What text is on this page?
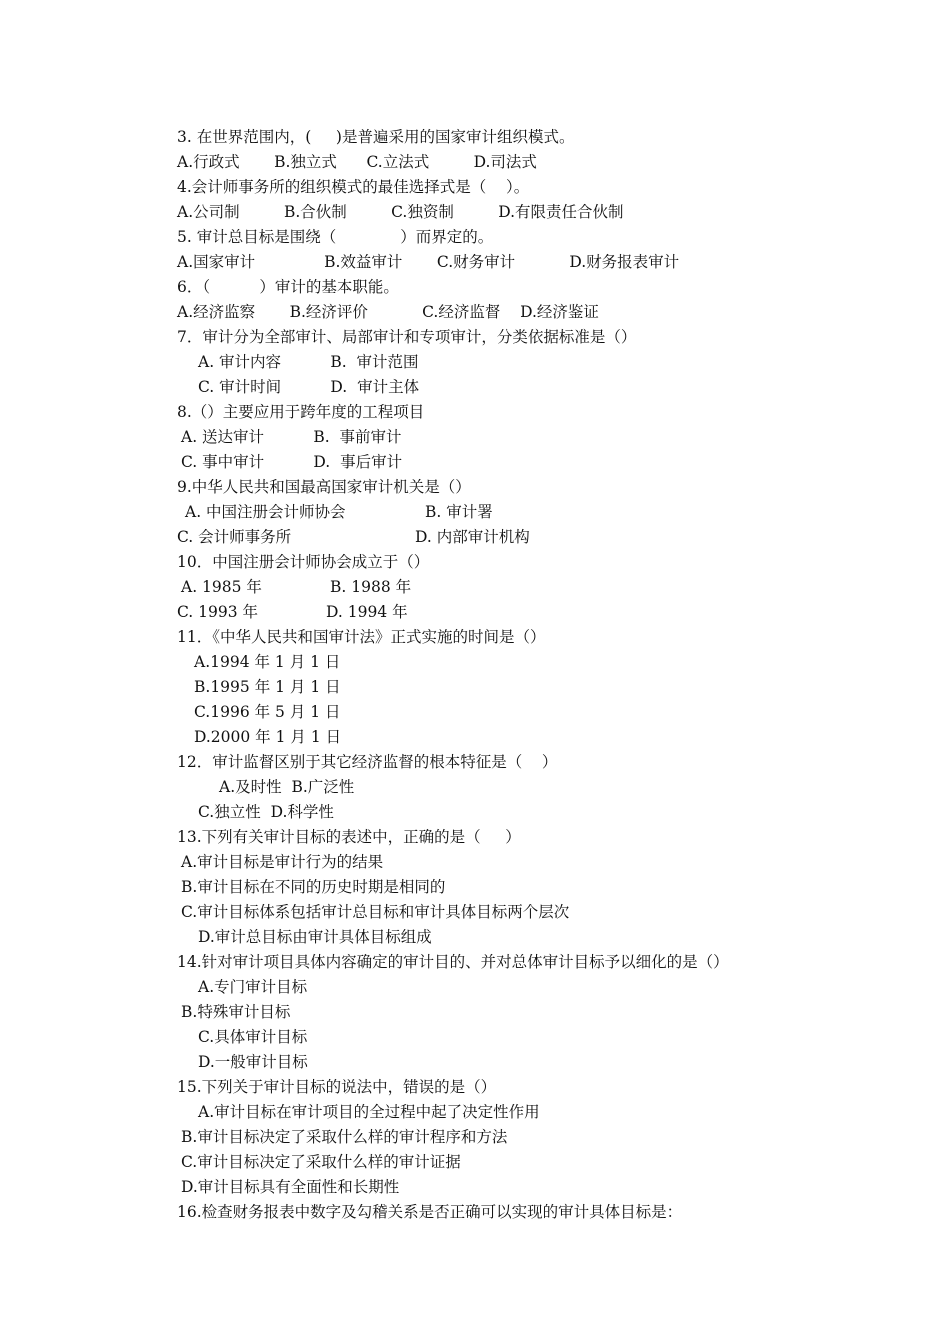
3. 在世界范围内，(     )是普遍采用的国家审计组织模式。
A.行政式       B.独立式      C.立法式         D.司法式
4.会计师事务所的组织模式的最佳选择式是（    ）。
A.公司制         B.合伙制         C.独资制         D.有限责任合伙制
5. 审计总目标是围绕（             ）而界定的。
A.国家审计              B.效益审计       C.财务审计           D.财务报表审计
6．（          ）审计的基本职能。
A.经济监察       B.经济评价           C.经济监督    D.经济鉴证
7．审计分为全部审计、局部审计和专项审计，分类依据标准是（）
A. 审计内容          B.  审计范围
C. 审计时间          D.  审计主体
8.（）主要应用于跨年度的工程项目
A. 送达审计          B.  事前审计
C. 事中审计          D.  事后审计
9.中华人民共和国最高国家审计机关是（）
A. 中国注册会计师协会	B. 审计署
C. 会计师事务所	D. 内部审计机构
10．中国注册会计师协会成立于（）
A. 1985 年	B. 1988 年
C. 1993 年	D. 1994 年
11．《中华人民共和国审计法》正式实施的时间是（）
A.1994 年 1 月 1 日
B.1995 年 1 月 1 日
C.1996 年 5 月 1 日
D.2000 年 1 月 1 日
12．审计监督区别于其它经济监督的根本特征是（    ）
A.及时性  B.广泛性
C.独立性  D.科学性
13.下列有关审计目标的表述中，正确的是（     ）
A.审计目标是审计行为的结果
B.审计目标在不同的历史时期是相同的
C.审计目标体系包括审计总目标和审计具体目标两个层次
D.审计总目标由审计具体目标组成
14.针对审计项目具体内容确定的审计目的、并对总体审计目标予以细化的是（）
A.专门审计目标
B.特殊审计目标
C.具体审计目标
D.一般审计目标
15.下列关于审计目标的说法中，错误的是（）
A.审计目标在审计项目的全过程中起了决定性作用
B.审计目标决定了采取什么样的审计程序和方法
C.审计目标决定了采取什么样的审计证据
D.审计目标具有全面性和长期性
16.检查财务报表中数字及勾稽关系是否正确可以实现的审计具体目标是：
